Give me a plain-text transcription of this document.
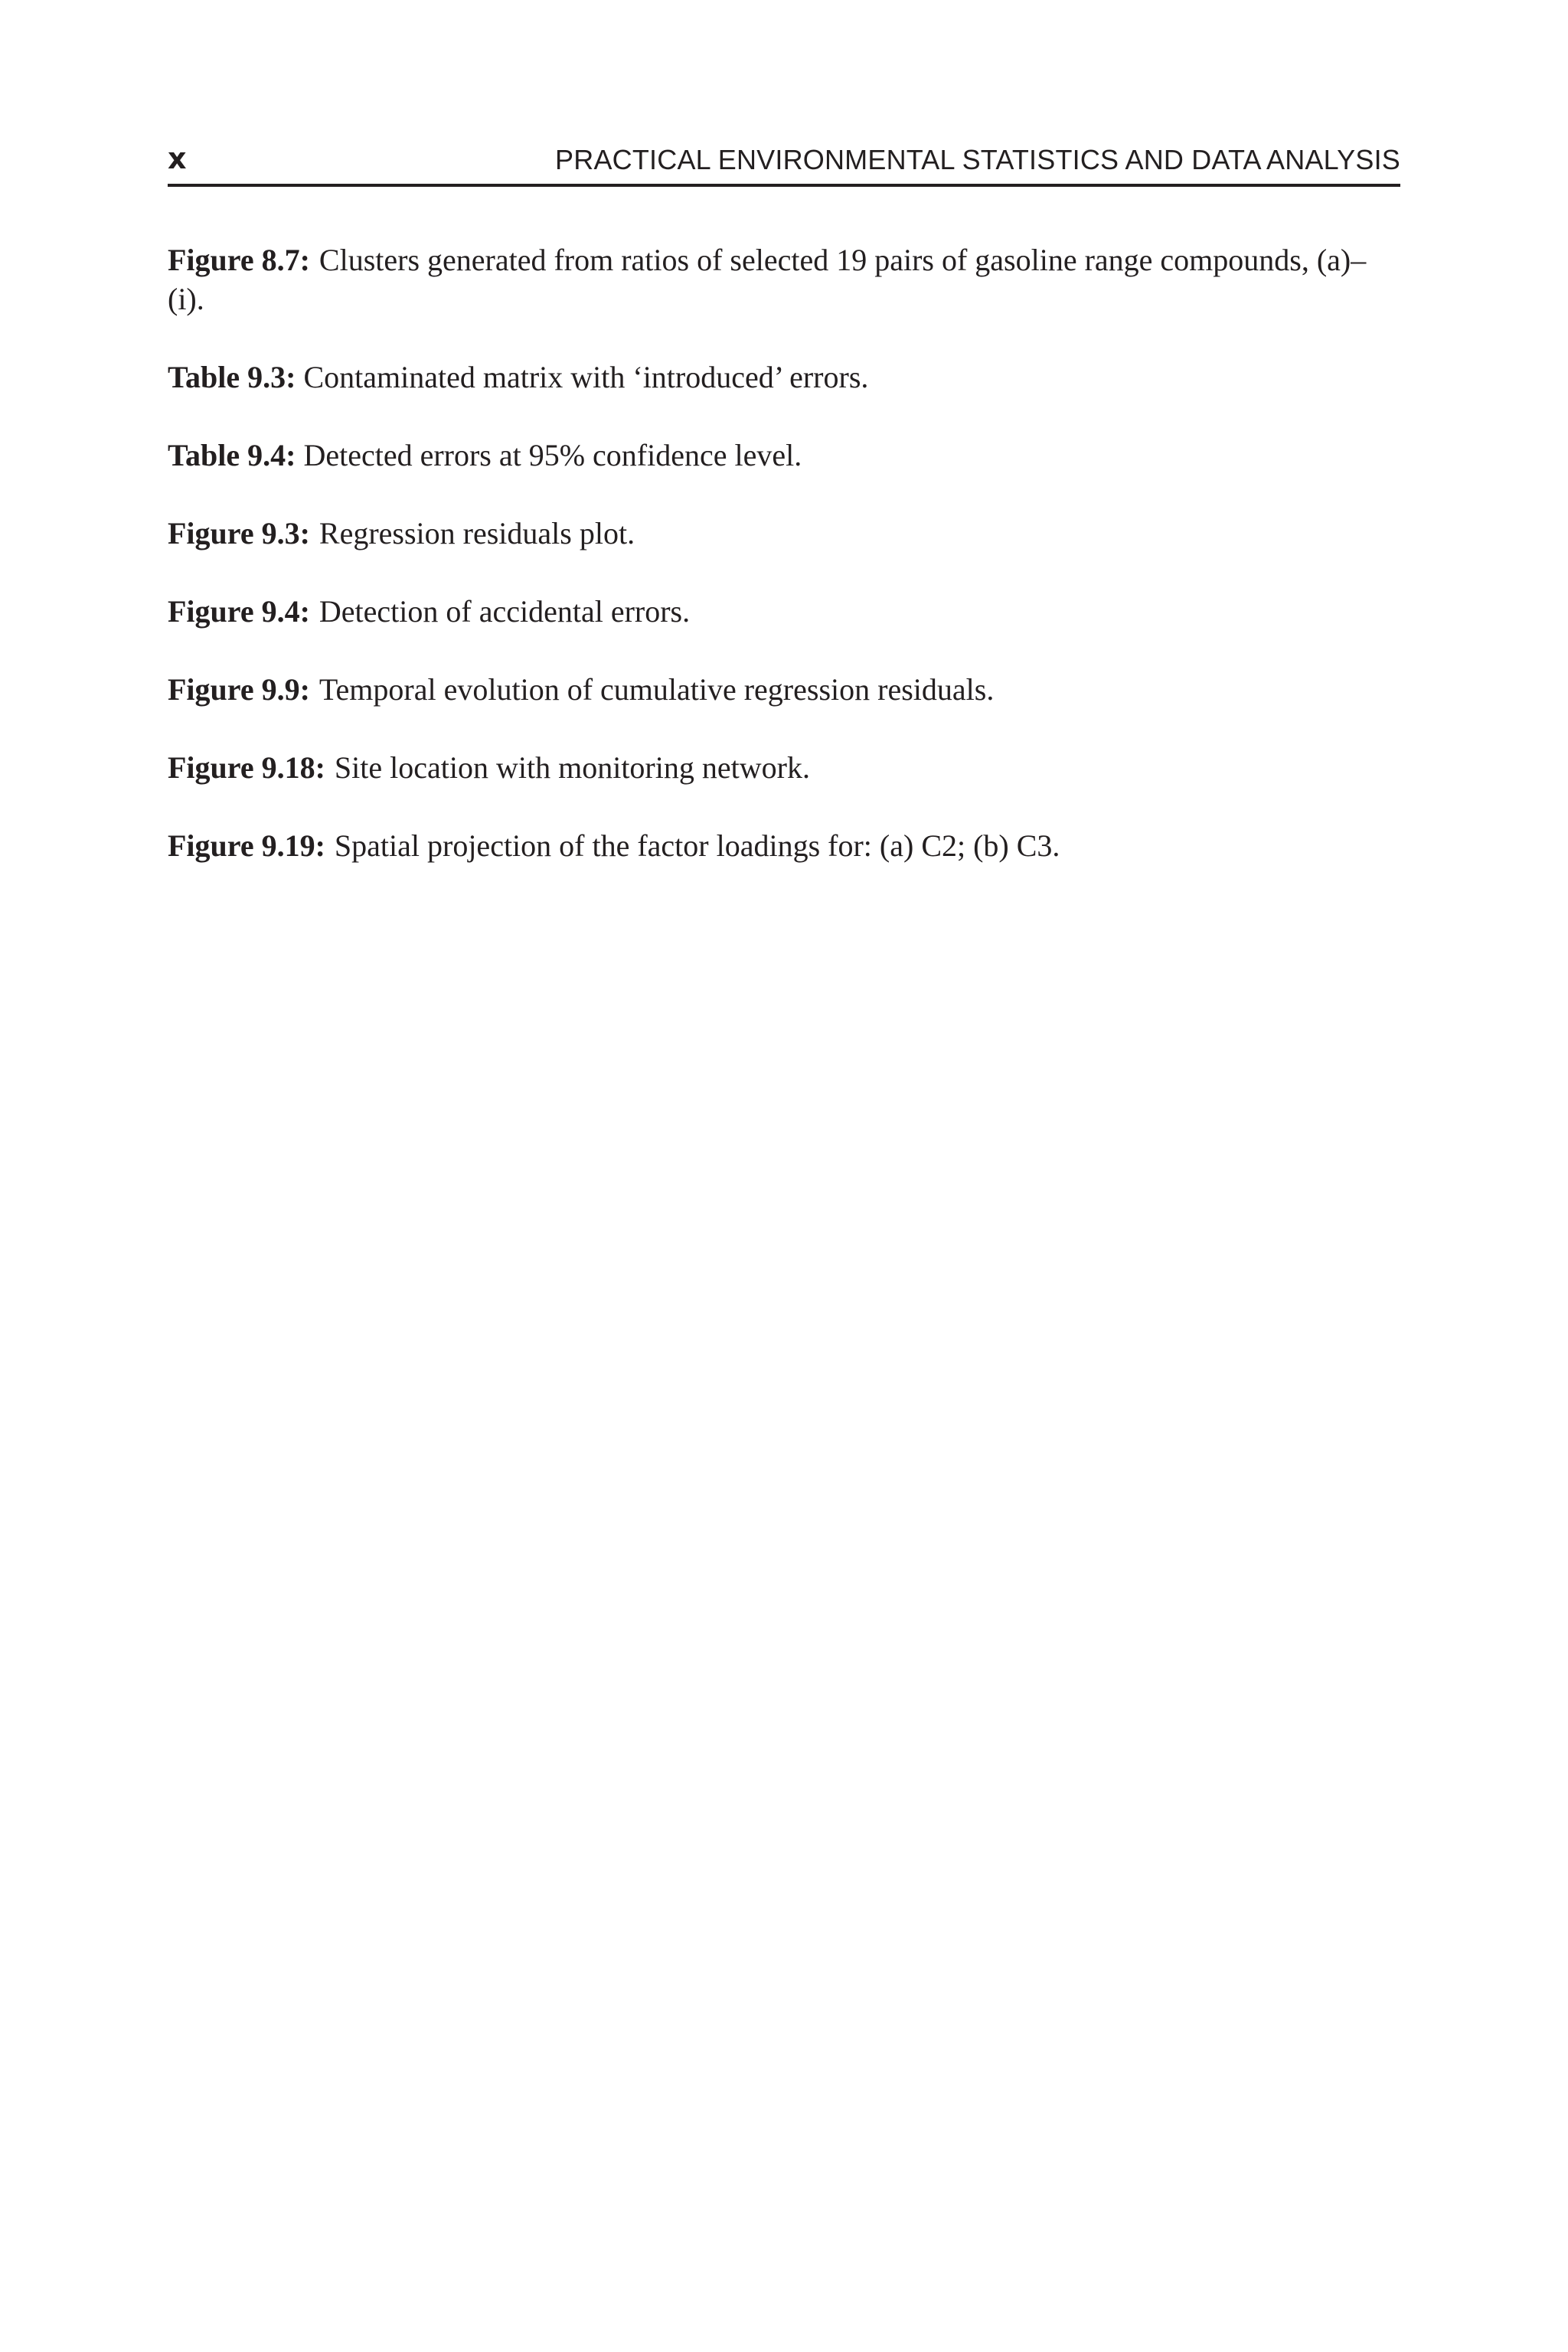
x	PRACTICAL ENVIRONMENTAL STATISTICS AND DATA ANALYSIS
Figure 8.7: Clusters generated from ratios of selected 19 pairs of gasoline range compounds, (a)–(i).
Table 9.3: Contaminated matrix with ‘introduced’ errors.
Table 9.4: Detected errors at 95% confidence level.
Figure 9.3: Regression residuals plot.
Figure 9.4: Detection of accidental errors.
Figure 9.9: Temporal evolution of cumulative regression residuals.
Figure 9.18: Site location with monitoring network.
Figure 9.19: Spatial projection of the factor loadings for: (a) C2; (b) C3.
